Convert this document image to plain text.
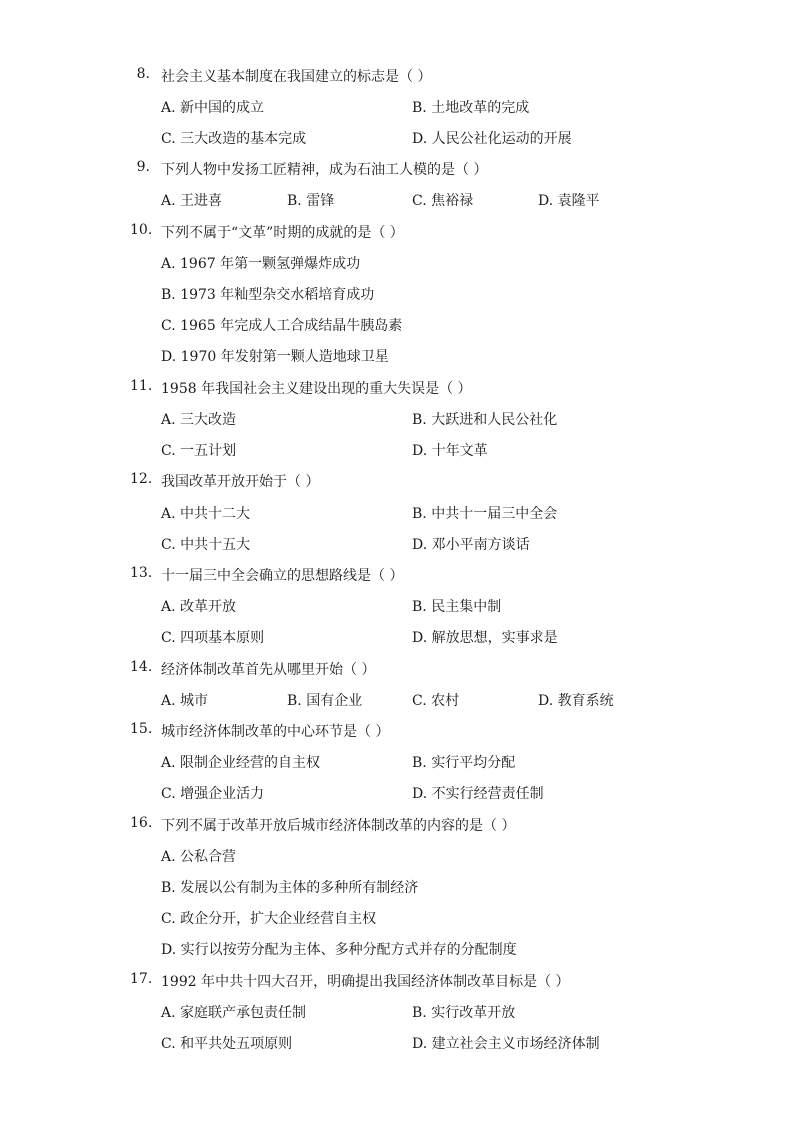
8. 社会主义基本制度在我国建立的标志是（ ）
A. 新中国的成立	B. 土地改革的完成
C. 三大改造的基本完成	D. 人民公社化运动的开展
9. 下列人物中发扬工匠精神，成为石油工人模的是（ ）
A. 王进喜	B. 雷锋	C. 焦裕禄	D. 袁隆平
10. 下列不属于“文革”时期的成就的是（ ）
A. 1967 年第一颗氢弹爆炸成功
B. 1973 年籼型杂交水稻培育成功
C. 1965 年完成人工合成结晶牛胰岛素
D. 1970 年发射第一颗人造地球卫星
11. 1958 年我国社会主义建设出现的重大失误是（ ）
A. 三大改造	B. 大跃进和人民公社化
C. 一五计划	D. 十年文革
12. 我国改革开放开始于（ ）
A. 中共十二大	B. 中共十一届三中全会
C. 中共十五大	D. 邓小平南方谈话
13. 十一届三中全会确立的思想路线是（ ）
A. 改革开放	B. 民主集中制
C. 四项基本原则	D. 解放思想，实事求是
14. 经济体制改革首先从哪里开始（ ）
A. 城市	B. 国有企业	C. 农村	D. 教育系统
15. 城市经济体制改革的中心环节是（ ）
A. 限制企业经营的自主权	B. 实行平均分配
C. 增强企业活力	D. 不实行经营责任制
16. 下列不属于改革开放后城市经济体制改革的内容的是（ ）
A. 公私合营
B. 发展以公有制为主体的多种所有制经济
C. 政企分开，扩大企业经营自主权
D. 实行以按劳分配为主体、多种分配方式并存的分配制度
17. 1992 年中共十四大召开，明确提出我国经济体制改革目标是（ ）
A. 家庭联产承包责任制	B. 实行改革开放
C. 和平共处五项原则	D. 建立社会主义市场经济体制
